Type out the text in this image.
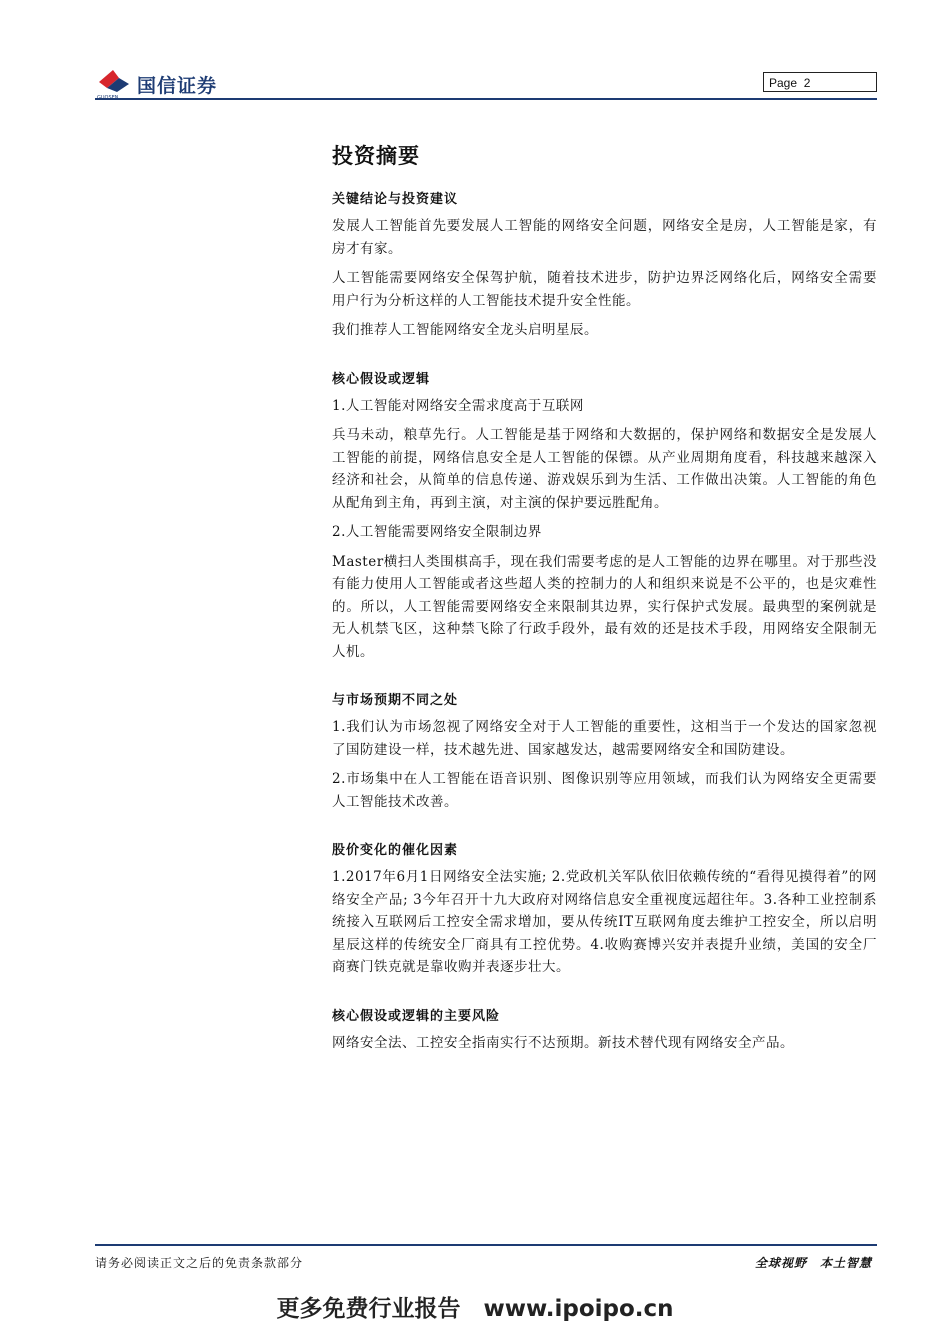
国信证券	Page 2
投资摘要
关键结论与投资建议

发展人工智能首先要发展人工智能的网络安全问题，网络安全是房，人工智能是家，有房才有家。

人工智能需要网络安全保驾护航，随着技术进步，防护边界泛网络化后，网络安全需要用户行为分析这样的人工智能技术提升安全性能。

我们推荐人工智能网络安全龙头启明星辰。

核心假设或逻辑

1.人工智能对网络安全需求度高于互联网

兵马未动，粮草先行。人工智能是基于网络和大数据的，保护网络和数据安全是发展人工智能的前提，网络信息安全是人工智能的保镖。从产业周期角度看，科技越来越深入经济和社会，从简单的信息传递、游戏娱乐到为生活、工作做出决策。人工智能的角色从配角到主角，再到主演，对主演的保护要远胜配角。

2.人工智能需要网络安全限制边界

Master横扫人类围棋高手，现在我们需要考虑的是人工智能的边界在哪里。对于那些没有能力使用人工智能或者这些超人类的控制力的人和组织来说是不公平的，也是灾难性的。所以，人工智能需要网络安全来限制其边界，实行保护式发展。最典型的案例就是无人机禁飞区，这种禁飞除了行政手段外，最有效的还是技术手段，用网络安全限制无人机。

与市场预期不同之处

1.我们认为市场忽视了网络安全对于人工智能的重要性，这相当于一个发达的国家忽视了国防建设一样，技术越先进、国家越发达，越需要网络安全和国防建设。

2.市场集中在人工智能在语音识别、图像识别等应用领域，而我们认为网络安全更需要人工智能技术改善。

股价变化的催化因素

1.2017年6月1日网络安全法实施; 2.党政机关军队依旧依赖传统的“看得见摸得着”的网络安全产品; 3今年召开十九大政府对网络信息安全重视度远超往年。3.各种工业控制系统接入互联网后工控安全需求增加，要从传统IT互联网角度去维护工控安全，所以启明星辰这样的传统安全厂商具有工控优势。4.收购赛博兴安并表提升业绩，美国的安全厂商赛门铁克就是靠收购并表逐步壮大。

核心假设或逻辑的主要风险

网络安全法、工控安全指南实行不达预期。新技术替代现有网络安全产品。

请务必阅读正文之后的免责条款部分	全球视野　本土智慧
更多免费行业报告　www.ipoipo.cn
